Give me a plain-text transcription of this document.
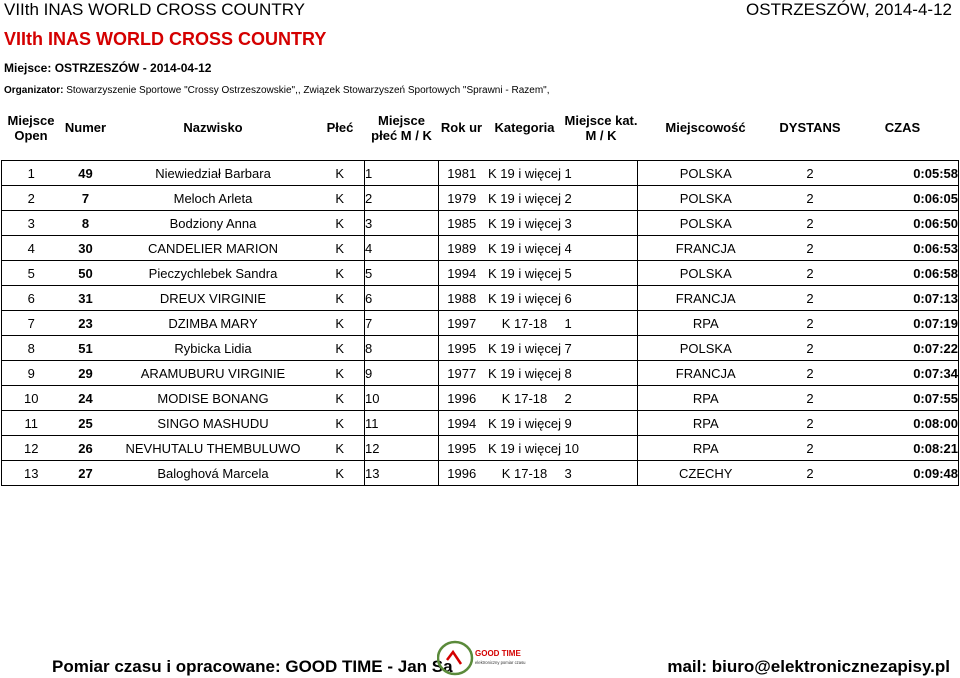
VIIth INAS WORLD CROSS COUNTRY	OSTRZESZÓW, 2014-4-12
VIIth INAS WORLD CROSS COUNTRY
Miejsce: OSTRZESZÓW - 2014-04-12
Organizator: Stowarzyszenie Sportowe "Crossy Ostrzeszowskie",, Związek Stowarzyszeń Sportowych "Sprawni - Razem",
Miejsce Open	Numer	Nazwisko	Płeć	Miejsce płeć M / K	Rok ur	Kategoria	Miejsce kat. M / K	Miejscowość	DYSTANS	CZAS

1	49	Niewiedział Barbara	K	1	1981	K 19 i więcej	1	POLSKA	2	0:05:58
2	7	Meloch Arleta	K	2	1979	K 19 i więcej	2	POLSKA	2	0:06:05
3	8	Bodziony Anna	K	3	1985	K 19 i więcej	3	POLSKA	2	0:06:50
4	30	CANDELIER MARION	K	4	1989	K 19 i więcej	4	FRANCJA	2	0:06:53
5	50	Pieczychlebek Sandra	K	5	1994	K 19 i więcej	5	POLSKA	2	0:06:58
6	31	DREUX VIRGINIE	K	6	1988	K 19 i więcej	6	FRANCJA	2	0:07:13
7	23	DZIMBA MARY	K	7	1997	K 17-18	1	RPA	2	0:07:19
8	51	Rybicka Lidia	K	8	1995	K 19 i więcej	7	POLSKA	2	0:07:22
9	29	ARAMUBURU VIRGINIE	K	9	1977	K 19 i więcej	8	FRANCJA	2	0:07:34
10	24	MODISE BONANG	K	10	1996	K 17-18	2	RPA	2	0:07:55
11	25	SINGO MASHUDU	K	11	1994	K 19 i więcej	9	RPA	2	0:08:00
12	26	NEVHUTALU THEMBULUWO	K	12	1995	K 19 i więcej	10	RPA	2	0:08:21
13	27	Baloghová Marcela	K	13	1996	K 17-18	3	CZECHY	2	0:09:48
Pomiar czasu i opracowane: GOOD TIME - Jan Sa
GOOD TIME
elektroniczny pomiar czasu	mail: biuro@elektronicznezapisy.pl
